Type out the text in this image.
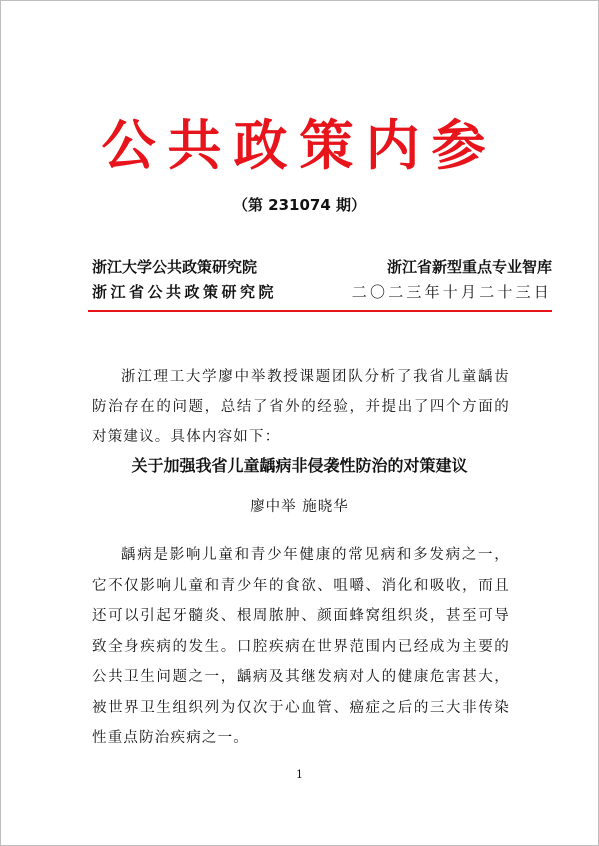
公共政策内参
（第 231074 期）
浙江大学公共政策研究院	浙江省新型重点专业智库
浙江省公共政策研究院	二〇二三年十月二十三日

浙江理工大学廖中举教授课题团队分析了我省儿童龋齿防治存在的问题，总结了省外的经验，并提出了四个方面的对策建议。具体内容如下：

关于加强我省儿童龋病非侵袭性防治的对策建议
廖中举 施晓华

龋病是影响儿童和青少年健康的常见病和多发病之一，它不仅影响儿童和青少年的食欲、咀嚼、消化和吸收，而且还可以引起牙髓炎、根周脓肿、颜面蜂窝组织炎，甚至可导致全身疾病的发生。口腔疾病在世界范围内已经成为主要的公共卫生问题之一，龋病及其继发病对人的健康危害甚大，被世界卫生组织列为仅次于心血管、癌症之后的三大非传染性重点防治疾病之一。

1
